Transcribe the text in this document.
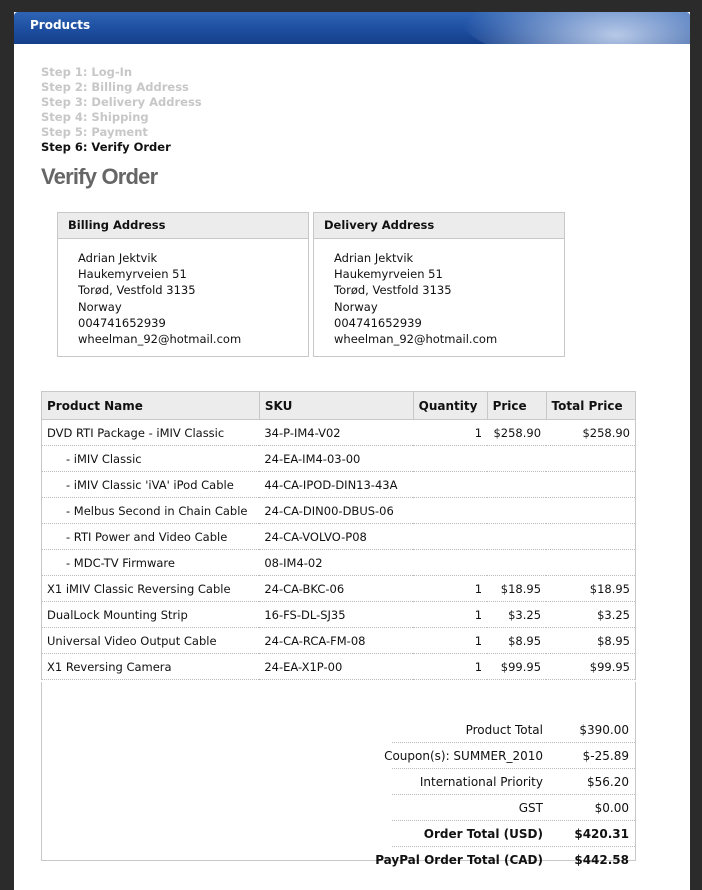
Products
Step 1: Log-In
Step 2: Billing Address
Step 3: Delivery Address
Step 4: Shipping
Step 5: Payment
Step 6: Verify Order
Verify Order
Billing Address
Adrian Jektvik
Haukemyrveien 51
Torød, Vestfold 3135
Norway
004741652939
wheelman_92@hotmail.com
Delivery Address
Adrian Jektvik
Haukemyrveien 51
Torød, Vestfold 3135
Norway
004741652939
wheelman_92@hotmail.com
Product Name	SKU	Quantity	Price	Total Price
DVD RTI Package - iMIV Classic	34-P-IM4-V02	1	$258.90	$258.90
- iMIV Classic	24-EA-IM4-03-00			
- iMIV Classic 'iVA' iPod Cable	44-CA-IPOD-DIN13-43A			
- Melbus Second in Chain Cable	24-CA-DIN00-DBUS-06			
- RTI Power and Video Cable	24-CA-VOLVO-P08			
- MDC-TV Firmware	08-IM4-02			
X1 iMIV Classic Reversing Cable	24-CA-BKC-06	1	$18.95	$18.95
DualLock Mounting Strip	16-FS-DL-SJ35	1	$3.25	$3.25
Universal Video Output Cable	24-CA-RCA-FM-08	1	$8.95	$8.95
X1 Reversing Camera	24-EA-X1P-00	1	$99.95	$99.95
Product Total	$390.00
Coupon(s): SUMMER_2010	$-25.89
International Priority	$56.20
GST	$0.00
Order Total (USD)	$420.31
PayPal Order Total (CAD)	$442.58
